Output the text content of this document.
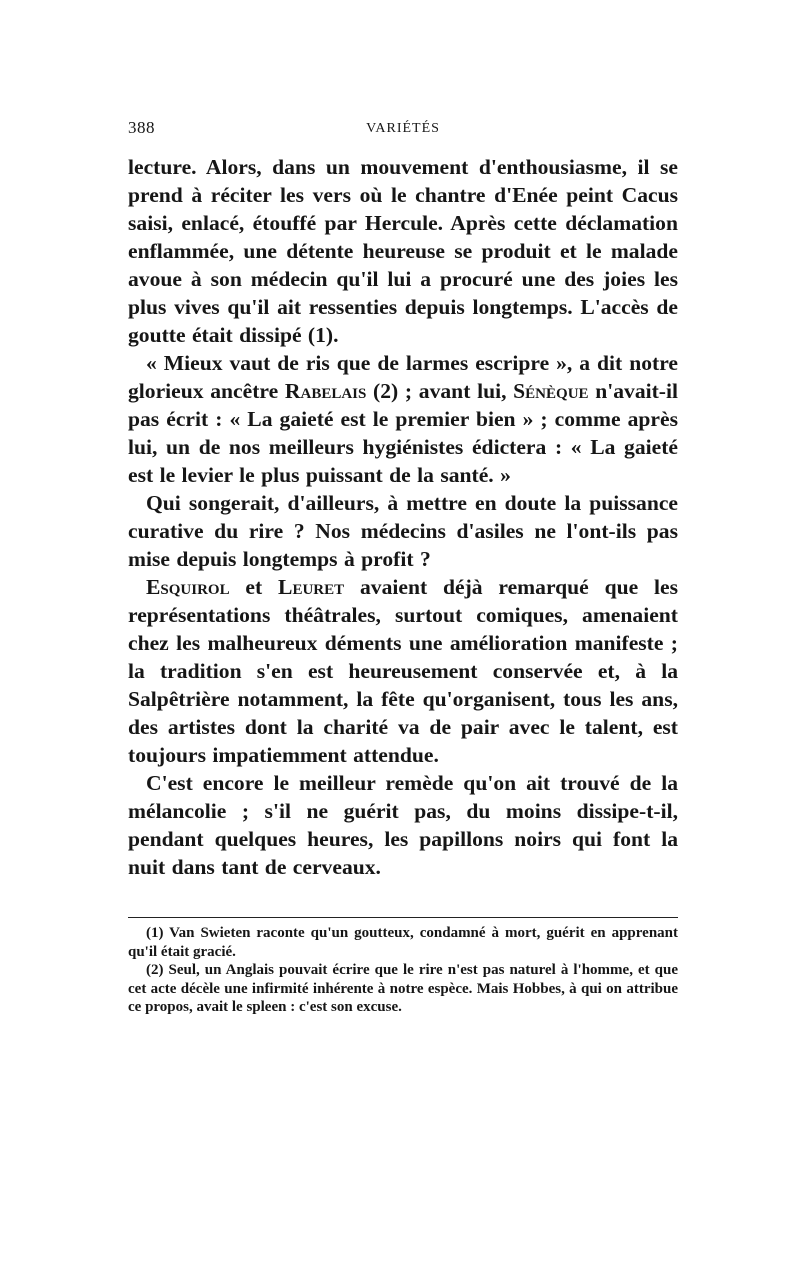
388	VARIÉTÉS

lecture. Alors, dans un mouvement d'enthousiasme, il se prend à réciter les vers où le chantre d'Enée peint Cacus saisi, enlacé, étouffé par Hercule. Après cette déclamation enflammée, une détente heureuse se produit et le malade avoue à son médecin qu'il lui a procuré une des joies les plus vives qu'il ait ressenties depuis longtemps. L'accès de goutte était dissipé (1).

« Mieux vaut de ris que de larmes escripre », a dit notre glorieux ancêtre Rabelais (2) ; avant lui, Sénèque n'avait-il pas écrit : « La gaieté est le premier bien » ; comme après lui, un de nos meilleurs hygiénistes édictera : « La gaieté est le levier le plus puissant de la santé. »

Qui songerait, d'ailleurs, à mettre en doute la puissance curative du rire ? Nos médecins d'asiles ne l'ont-ils pas mise depuis longtemps à profit ?

Esquirol et Leuret avaient déjà remarqué que les représentations théâtrales, surtout comiques, amenaient chez les malheureux déments une amélioration manifeste ; la tradition s'en est heureusement conservée et, à la Salpêtrière notamment, la fête qu'organisent, tous les ans, des artistes dont la charité va de pair avec le talent, est toujours impatiemment attendue.

C'est encore le meilleur remède qu'on ait trouvé de la mélancolie ; s'il ne guérit pas, du moins dissipe-t-il, pendant quelques heures, les papillons noirs qui font la nuit dans tant de cerveaux.

(1) Van Swieten raconte qu'un goutteux, condamné à mort, guérit en apprenant qu'il était gracié.

(2) Seul, un Anglais pouvait écrire que le rire n'est pas naturel à l'homme, et que cet acte décèle une infirmité inhérente à notre espèce. Mais Hobbes, à qui on attribue ce propos, avait le spleen : c'est son excuse.
